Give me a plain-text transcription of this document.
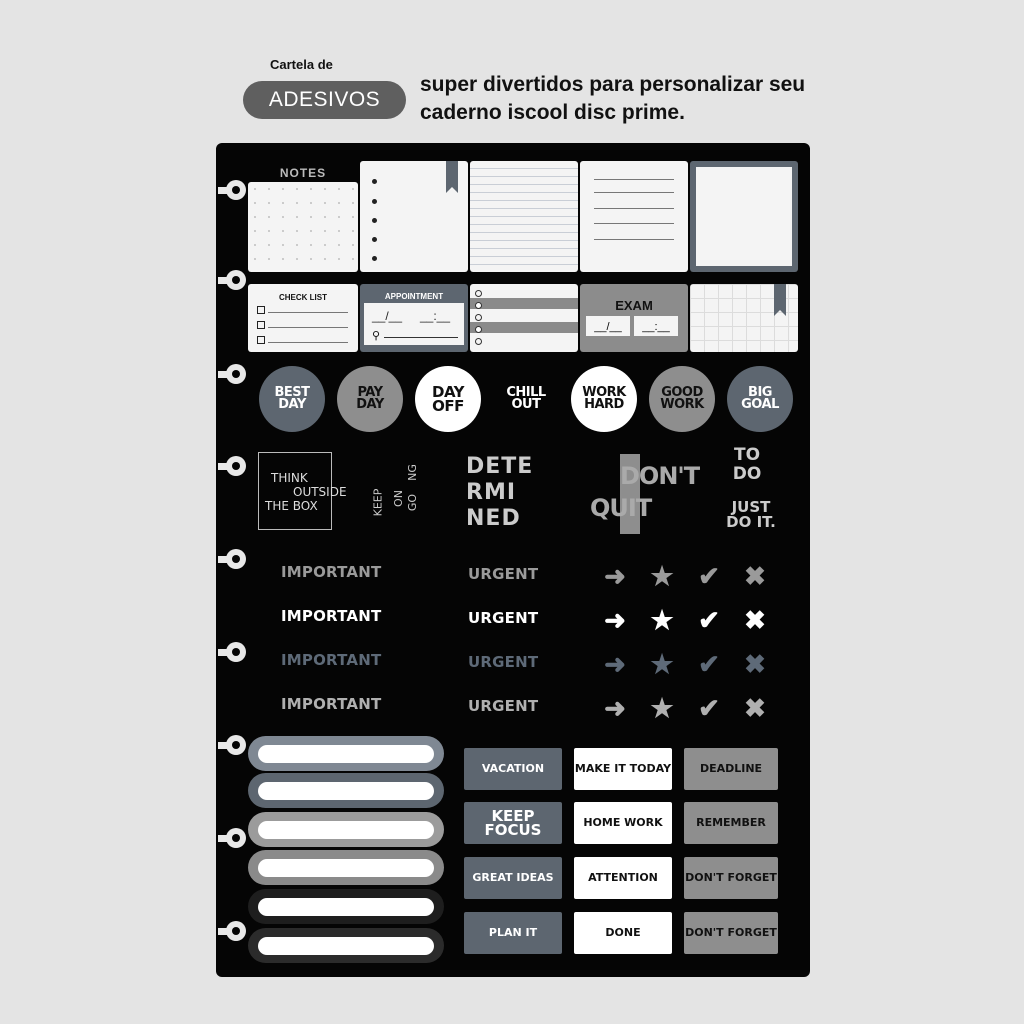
Cartela de
ADESIVOS
super divertidos para personalizar seu caderno iscool disc prime.
NOTES
CHECK LIST	APPOINTMENT
__/__ __:__
⚲
EXAM
__/__	__:__
BEST
DAY
PAY
DAY
DAY
OFF
CHILL
OUT
WORK
HARD
GOOD
WORK
BIG
GOAL
THINK
OUTSIDE
THE BOX	KEEP ON GO
NG DETE
RMI
NED
DON'T
QUIT
TO
DO
JUST
DO IT.
IMPORTANT	URGENT	➜ ★ ✔ ✖
IMPORTANT	URGENT	➜ ★ ✔ ✖
IMPORTANT	URGENT	➜ ★ ✔ ✖
IMPORTANT	URGENT	➜ ★ ✔ ✖
VACATION	MAKE IT TODAY	DEADLINE
KEEP FOCUS	HOME WORK	REMEMBER
GREAT IDEAS	ATTENTION	DON'T FORGET
PLAN IT	DONE	DON'T FORGET
